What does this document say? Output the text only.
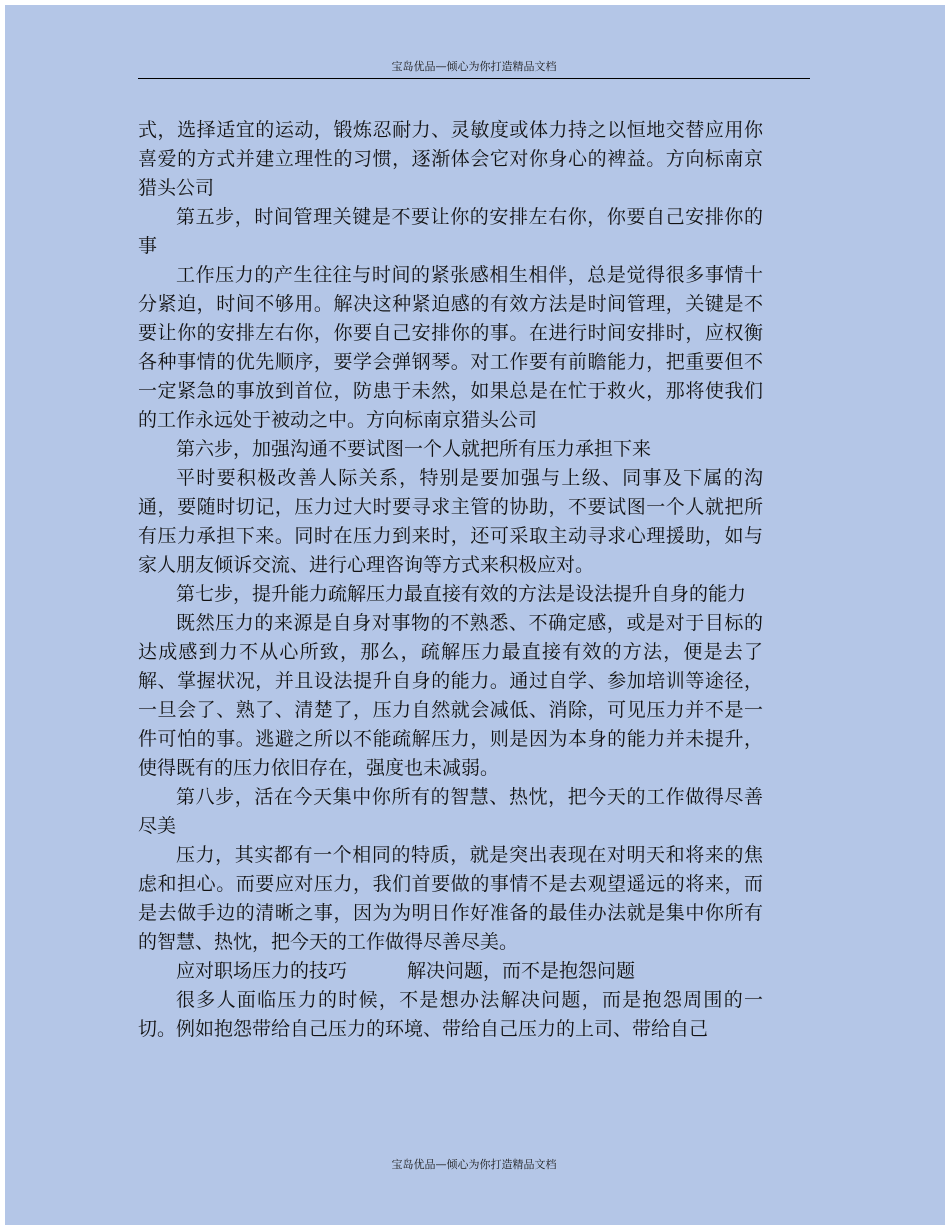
宝岛优品—倾心为你打造精品文档

式，选择适宜的运动，锻炼忍耐力、灵敏度或体力持之以恒地交替应用你喜爱的方式并建立理性的习惯，逐渐体会它对你身心的裨益。方向标南京猎头公司

第五步，时间管理关键是不要让你的安排左右你，你要自己安排你的事

工作压力的产生往往与时间的紧张感相生相伴，总是觉得很多事情十分紧迫，时间不够用。解决这种紧迫感的有效方法是时间管理，关键是不要让你的安排左右你，你要自己安排你的事。在进行时间安排时，应权衡各种事情的优先顺序，要学会弹钢琴。对工作要有前瞻能力，把重要但不一定紧急的事放到首位，防患于未然，如果总是在忙于救火，那将使我们的工作永远处于被动之中。方向标南京猎头公司

第六步，加强沟通不要试图一个人就把所有压力承担下来

平时要积极改善人际关系，特别是要加强与上级、同事及下属的沟通，要随时切记，压力过大时要寻求主管的协助，不要试图一个人就把所有压力承担下来。同时在压力到来时，还可采取主动寻求心理援助，如与家人朋友倾诉交流、进行心理咨询等方式来积极应对。

第七步，提升能力疏解压力最直接有效的方法是设法提升自身的能力

既然压力的来源是自身对事物的不熟悉、不确定感，或是对于目标的达成感到力不从心所致，那么，疏解压力最直接有效的方法，便是去了解、掌握状况，并且设法提升自身的能力。通过自学、参加培训等途径，一旦会了、熟了、清楚了，压力自然就会减低、消除，可见压力并不是一件可怕的事。逃避之所以不能疏解压力，则是因为本身的能力并未提升，使得既有的压力依旧存在，强度也未减弱。

第八步，活在今天集中你所有的智慧、热忱，把今天的工作做得尽善尽美

压力，其实都有一个相同的特质，就是突出表现在对明天和将来的焦虑和担心。而要应对压力，我们首要做的事情不是去观望遥远的将来，而是去做手边的清晰之事，因为为明日作好准备的最佳办法就是集中你所有的智慧、热忱，把今天的工作做得尽善尽美。

应对职场压力的技巧	解决问题，而不是抱怨问题

很多人面临压力的时候，不是想办法解决问题，而是抱怨周围的一切。例如抱怨带给自己压力的环境、带给自己压力的上司、带给自己

宝岛优品—倾心为你打造精品文档
